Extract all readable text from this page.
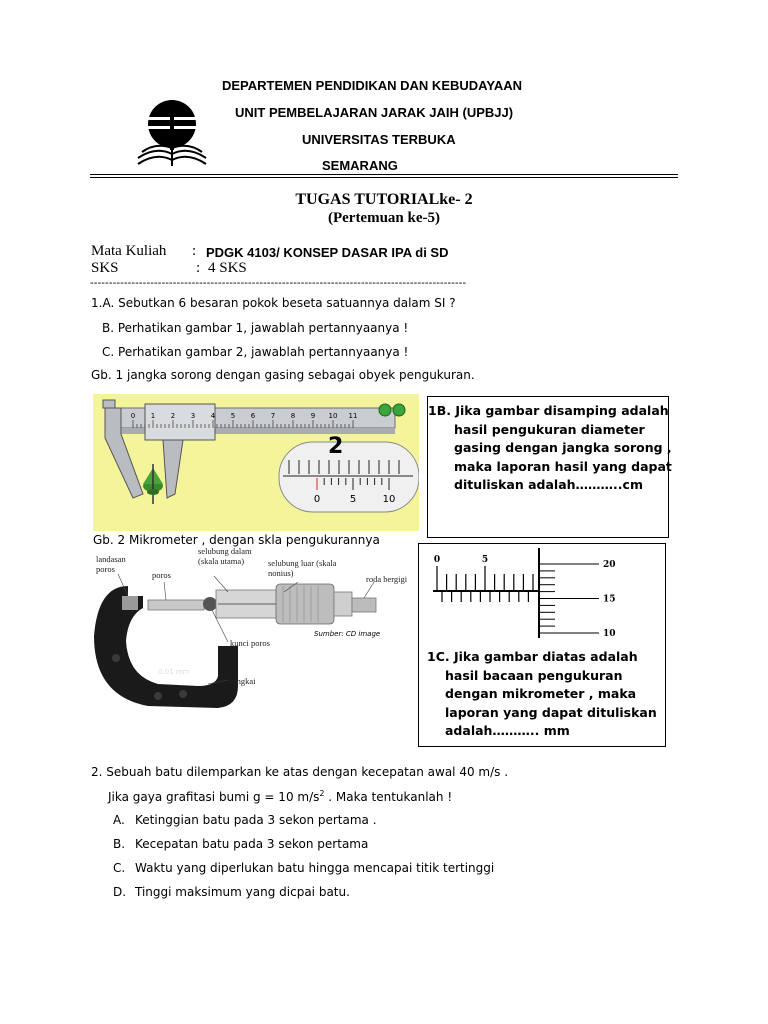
DEPARTEMEN PENDIDIKAN DAN KEBUDAYAAN
UNIT PEMBELAJARAN JARAK JAIH (UPBJJ)
UNIVERSITAS TERBUKA
SEMARANG
TUGAS TUTORIALke- 2
(Pertemuan ke-5)
Mata Kuliah : PDGK 4103/ KONSEP DASAR IPA di SD
SKS	: 4 SKS
----------------------------------------------------------------------------------------------------
1.A. Sebutkan 6 besaran pokok beseta satuannya dalam SI ?
B. Perhatikan gambar 1, jawablah pertannyaanya !
C. Perhatikan gambar 2, jawablah pertannyaanya !
Gb. 1 jangka sorong dengan gasing sebagai obyek pengukuran.
0 1 2 3 4 5 6 7 8 9 10 11
0	5	10
2
1B. Jika gambar disamping adalah hasil pengukuran diameter gasing dengan jangka sorong , maka laporan hasil yang dapat dituliskan adalah………..cm
Gb. 2 Mikrometer , dengan skla pengukurannya
0.01 mm
Sumber: CD image
landasan poros
poros
selubung dalam (skala utama)	selubung luar (skala nonius)
roda bergigi
kunci poros
bingkai
0	5	20
15
10
1C. Jika gambar diatas adalah hasil bacaan pengukuran dengan mikrometer , maka laporan yang dapat dituliskan adalah……….. mm
2. Sebuah batu dilemparkan ke atas dengan kecepatan awal 40 m/s .
Jika gaya grafitasi bumi g = 10 $m/s^2$ . Maka tentukanlah !
A. Ketinggian batu pada 3 sekon pertama .
B. Kecepatan batu pada 3 sekon pertama
C. Waktu yang diperlukan batu hingga mencapai titik tertinggi
D. Tinggi maksimum yang dicpai batu.
